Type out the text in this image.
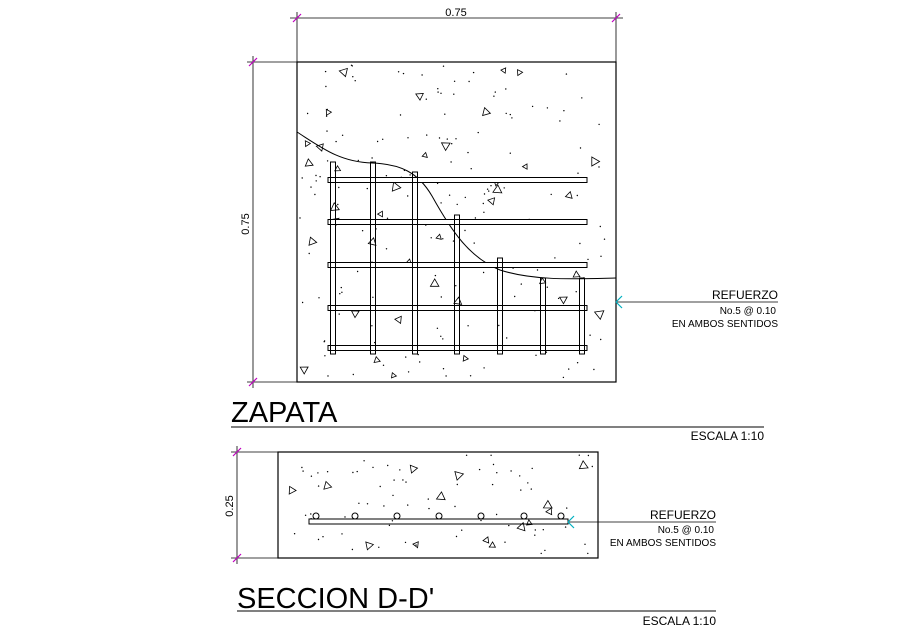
0.75
0.75
REFUERZO
No.5 @ 0.10
EN AMBOS SENTIDOS
ZAPATA
ESCALA 1:10
0.25	REFUERZO
No.5 @ 0.10
EN AMBOS SENTIDOS
SECCION D-D'
ESCALA 1:10
